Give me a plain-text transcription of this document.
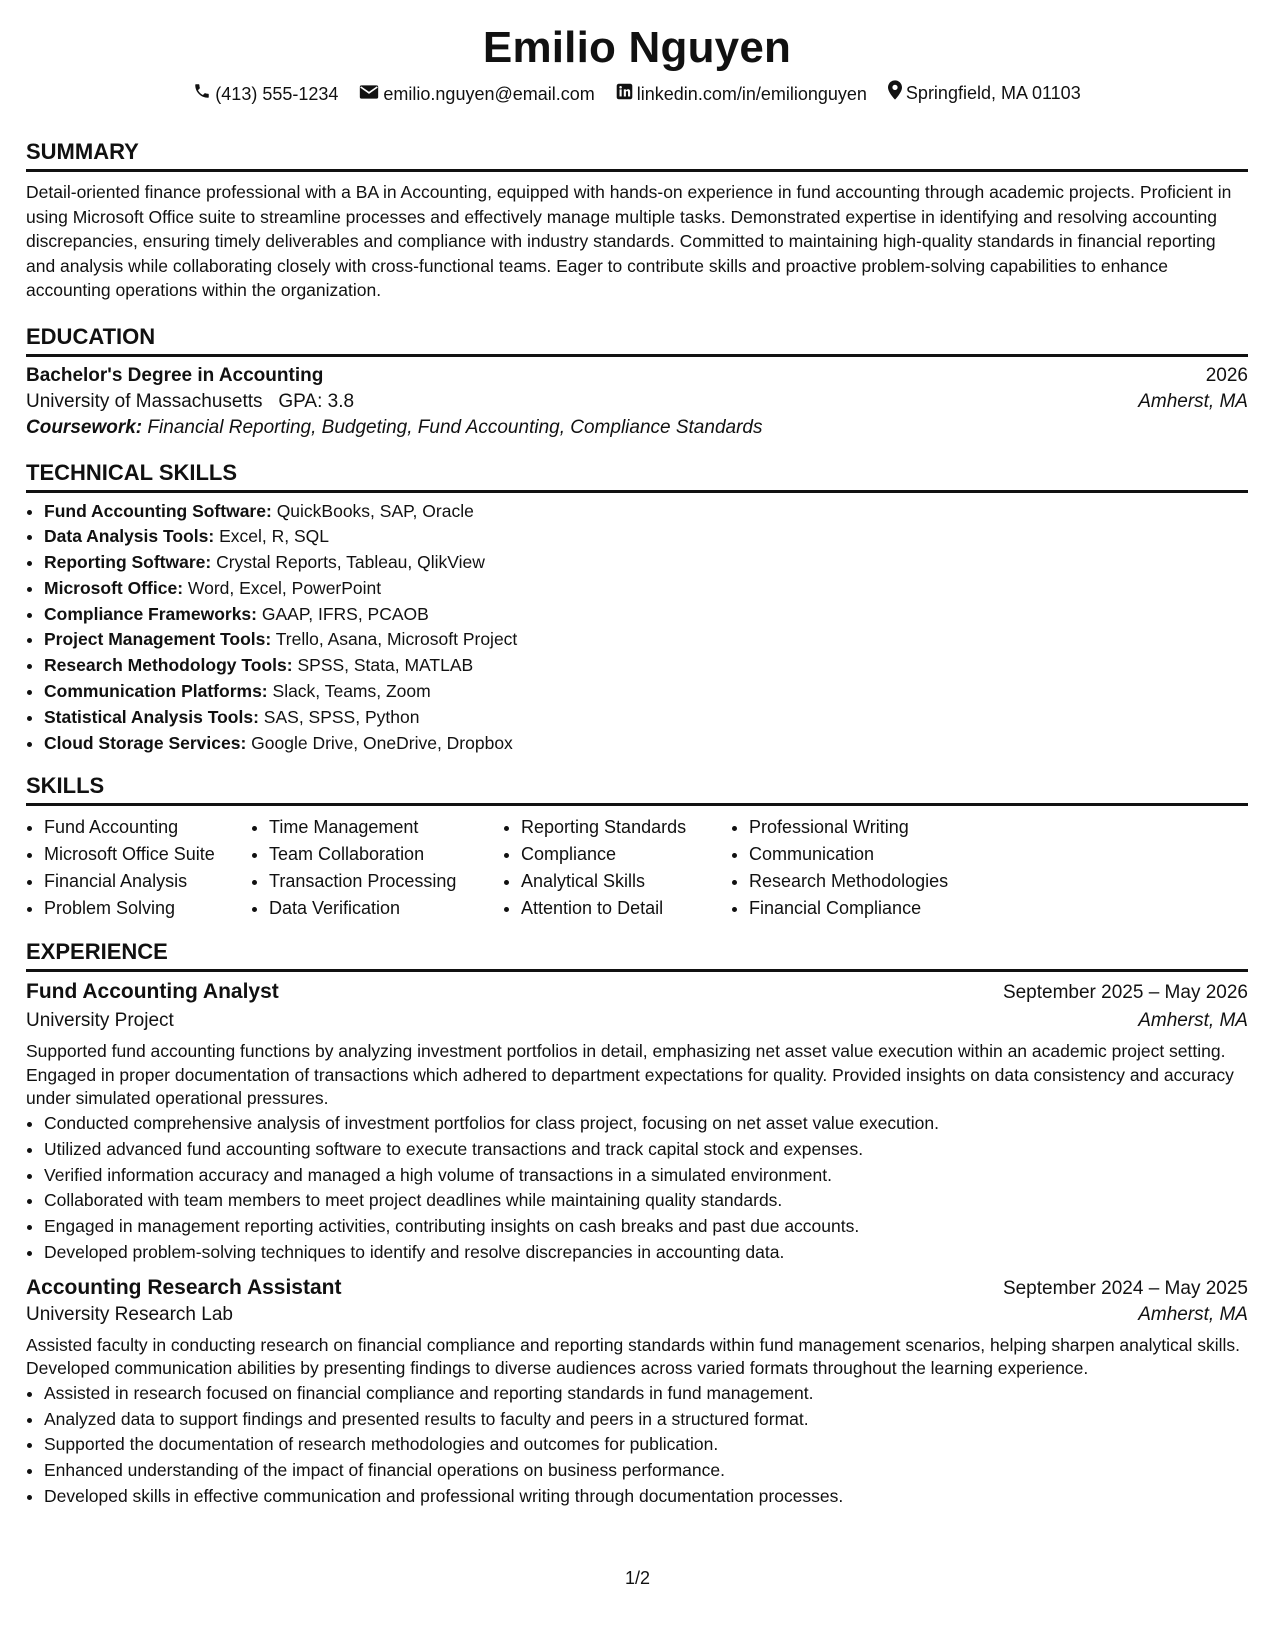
Emilio Nguyen
(413) 555-1234
	emilio.nguyen@email.com
linkedin.com/in/emilionguyen
Springfield, MA 01103
SUMMARY

Detail-oriented finance professional with a BA in Accounting, equipped with hands-on experience in fund accounting through academic projects. Proficient in using Microsoft Office suite to streamline processes and effectively manage multiple tasks. Demonstrated expertise in identifying and resolving accounting discrepancies, ensuring timely deliverables and compliance with industry standards. Committed to maintaining high-quality standards in financial reporting and analysis while collaborating closely with cross-functional teams. Eager to contribute skills and proactive problem-solving capabilities to enhance accounting operations within the organization.

EDUCATION
Bachelor's Degree in Accounting	2026
University of Massachusetts GPA: 3.8	Amherst, MA
Coursework: Financial Reporting, Budgeting, Fund Accounting, Compliance Standards
TECHNICAL SKILLS
• Fund Accounting Software: QuickBooks, SAP, Oracle
• Data Analysis Tools: Excel, R, SQL
• Reporting Software: Crystal Reports, Tableau, QlikView
• Microsoft Office: Word, Excel, PowerPoint
• Compliance Frameworks: GAAP, IFRS, PCAOB
• Project Management Tools: Trello, Asana, Microsoft Project
• Research Methodology Tools: SPSS, Stata, MATLAB
• Communication Platforms: Slack, Teams, Zoom
• Statistical Analysis Tools: SAS, SPSS, Python
• Cloud Storage Services: Google Drive, OneDrive, Dropbox
SKILLS
• Fund Accounting
• Microsoft Office Suite
• Financial Analysis
• Problem Solving
• Time Management
• Team Collaboration
• Transaction Processing
• Data Verification
• Reporting Standards
• Compliance
• Analytical Skills
• Attention to Detail
• Professional Writing
• Communication
• Research Methodologies
• Financial Compliance
EXPERIENCE
Fund Accounting Analyst	September 2025 – May 2026
University Project	Amherst, MA

Supported fund accounting functions by analyzing investment portfolios in detail, emphasizing net asset value execution within an academic project setting. Engaged in proper documentation of transactions which adhered to department expectations for quality. Provided insights on data consistency and accuracy under simulated operational pressures.

• Conducted comprehensive analysis of investment portfolios for class project, focusing on net asset value execution.
• Utilized advanced fund accounting software to execute transactions and track capital stock and expenses.
• Verified information accuracy and managed a high volume of transactions in a simulated environment.
• Collaborated with team members to meet project deadlines while maintaining quality standards.
• Engaged in management reporting activities, contributing insights on cash breaks and past due accounts.
• Developed problem-solving techniques to identify and resolve discrepancies in accounting data.
Accounting Research Assistant	September 2024 – May 2025
University Research Lab	Amherst, MA

Assisted faculty in conducting research on financial compliance and reporting standards within fund management scenarios, helping sharpen analytical skills. Developed communication abilities by presenting findings to diverse audiences across varied formats throughout the learning experience.

• Assisted in research focused on financial compliance and reporting standards in fund management.
• Analyzed data to support findings and presented results to faculty and peers in a structured format.
• Supported the documentation of research methodologies and outcomes for publication.
• Enhanced understanding of the impact of financial operations on business performance.
• Developed skills in effective communication and professional writing through documentation processes.
1/2
